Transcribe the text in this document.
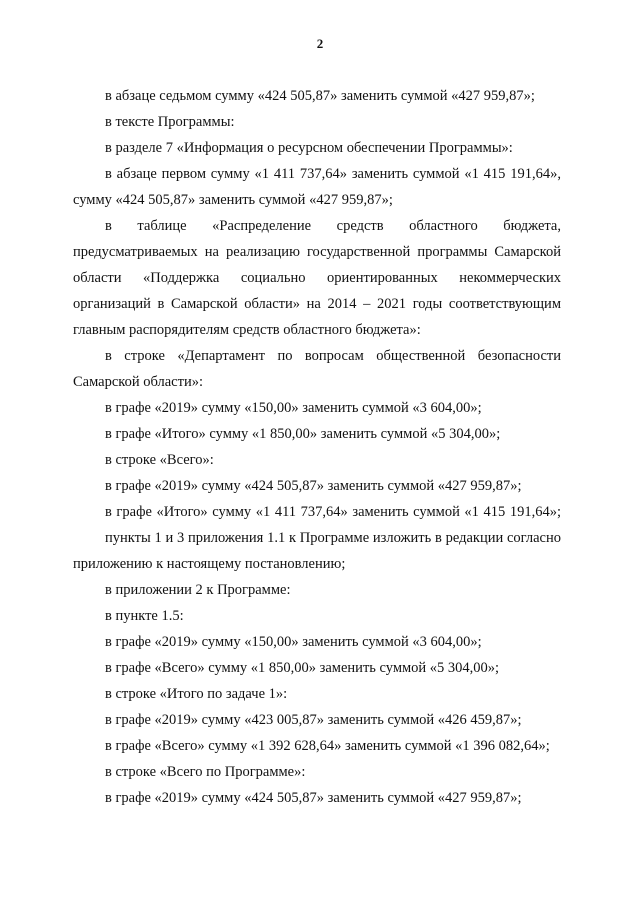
2

в абзаце седьмом сумму «424 505,87» заменить суммой «427 959,87»;

в тексте Программы:

в разделе 7 «Информация о ресурсном обеспечении Программы»:

в абзаце первом сумму «1 411 737,64» заменить суммой «1 415 191,64», сумму «424 505,87» заменить суммой «427 959,87»;

в таблице «Распределение средств областного бюджета, предусматриваемых на реализацию государственной программы Самарской области «Поддержка социально ориентированных некоммерческих организаций в Самарской области» на 2014 – 2021 годы соответствующим главным распорядителям средств областного бюджета»:

в строке «Департамент по вопросам общественной безопасности Самарской области»:

в графе «2019» сумму «150,00» заменить суммой «3 604,00»;

в графе «Итого» сумму «1 850,00» заменить суммой «5 304,00»;

в строке «Всего»:

в графе «2019» сумму «424 505,87» заменить суммой «427 959,87»;

в графе «Итого» сумму «1 411 737,64» заменить суммой «1 415 191,64»;

пункты 1 и 3 приложения 1.1 к Программе изложить в редакции согласно приложению к настоящему постановлению;

в приложении 2 к Программе:

в пункте 1.5:

в графе «2019» сумму «150,00» заменить суммой «3 604,00»;

в графе «Всего» сумму «1 850,00» заменить суммой «5 304,00»;

в строке «Итого по задаче 1»:

в графе «2019» сумму «423 005,87» заменить суммой «426 459,87»;

в графе «Всего» сумму «1 392 628,64» заменить суммой «1 396 082,64»;

в строке «Всего по Программе»:

в графе «2019» сумму «424 505,87» заменить суммой «427 959,87»;
